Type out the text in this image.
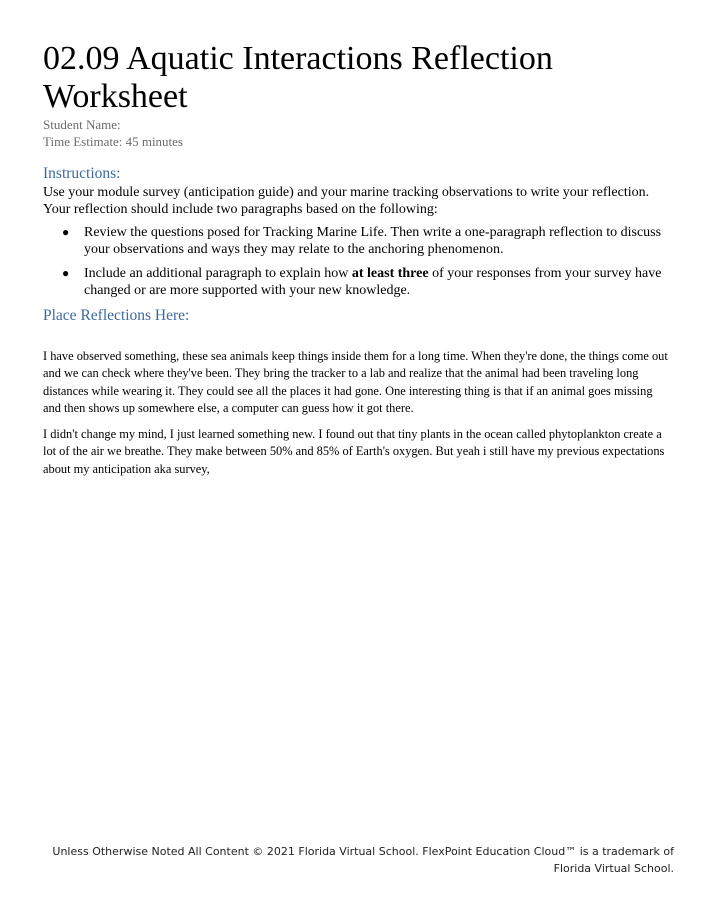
02.09 Aquatic Interactions Reflection Worksheet
Student Name:
Time Estimate: 45 minutes
Instructions:

Use your module survey (anticipation guide) and your marine tracking observations to write your reflection. Your reflection should include two paragraphs based on the following:

● Review the questions posed for Tracking Marine Life. Then write a one-paragraph reflection to discuss your observations and ways they may relate to the anchoring phenomenon.
● Include an additional paragraph to explain how at least three of your responses from your survey have changed or are more supported with your new knowledge.
Place Reflections Here:

I have observed something, these sea animals keep things inside them for a long time. When they're done, the things come out and we can check where they've been. They bring the tracker to a lab and realize that the animal had been traveling long distances while wearing it. They could see all the places it had gone. One interesting thing is that if an animal goes missing and then shows up somewhere else, a computer can guess how it got there.

I didn't change my mind, I just learned something new. I found out that tiny plants in the ocean called phytoplankton create a lot of the air we breathe. They make between 50% and 85% of Earth's oxygen. But yeah i still have my previous expectations about my anticipation aka survey,

Unless Otherwise Noted All Content © 2021 Florida Virtual School. FlexPoint Education Cloud™ is a trademark of Florida Virtual School.
